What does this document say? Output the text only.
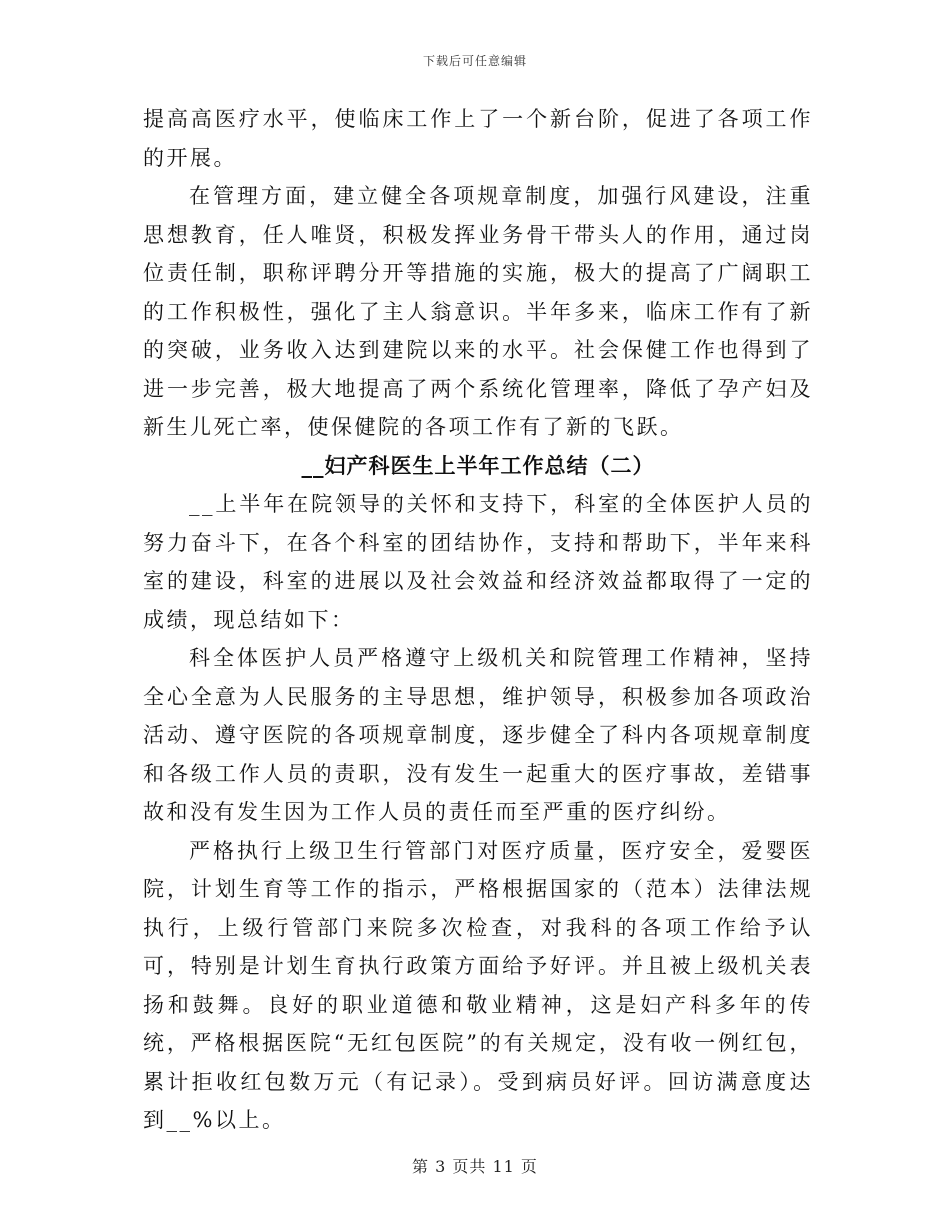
下载后可任意编辑

提高高医疗水平，使临床工作上了一个新台阶，促进了各项工作的开展。

在管理方面，建立健全各项规章制度，加强行风建设，注重思想教育，任人唯贤，积极发挥业务骨干带头人的作用，通过岗位责任制，职称评聘分开等措施的实施，极大的提高了广阔职工的工作积极性，强化了主人翁意识。半年多来，临床工作有了新的突破，业务收入达到建院以来的水平。社会保健工作也得到了进一步完善，极大地提高了两个系统化管理率，降低了孕产妇及新生儿死亡率，使保健院的各项工作有了新的飞跃。

__妇产科医生上半年工作总结（二）

__上半年在院领导的关怀和支持下，科室的全体医护人员的努力奋斗下，在各个科室的团结协作，支持和帮助下，半年来科室的建设，科室的进展以及社会效益和经济效益都取得了一定的成绩，现总结如下：

科全体医护人员严格遵守上级机关和院管理工作精神，坚持全心全意为人民服务的主导思想，维护领导，积极参加各项政治活动、遵守医院的各项规章制度，逐步健全了科内各项规章制度和各级工作人员的责职，没有发生一起重大的医疗事故，差错事故和没有发生因为工作人员的责任而至严重的医疗纠纷。

严格执行上级卫生行管部门对医疗质量，医疗安全，爱婴医院，计划生育等工作的指示，严格根据国家的（范本）法律法规执行，上级行管部门来院多次检查，对我科的各项工作给予认可，特别是计划生育执行政策方面给予好评。并且被上级机关表扬和鼓舞。良好的职业道德和敬业精神，这是妇产科多年的传统，严格根据医院“无红包医院”的有关规定，没有收一例红包，累计拒收红包数万元（有记录）。受到病员好评。回访满意度达到__%以上。

第 3 页共 11 页
